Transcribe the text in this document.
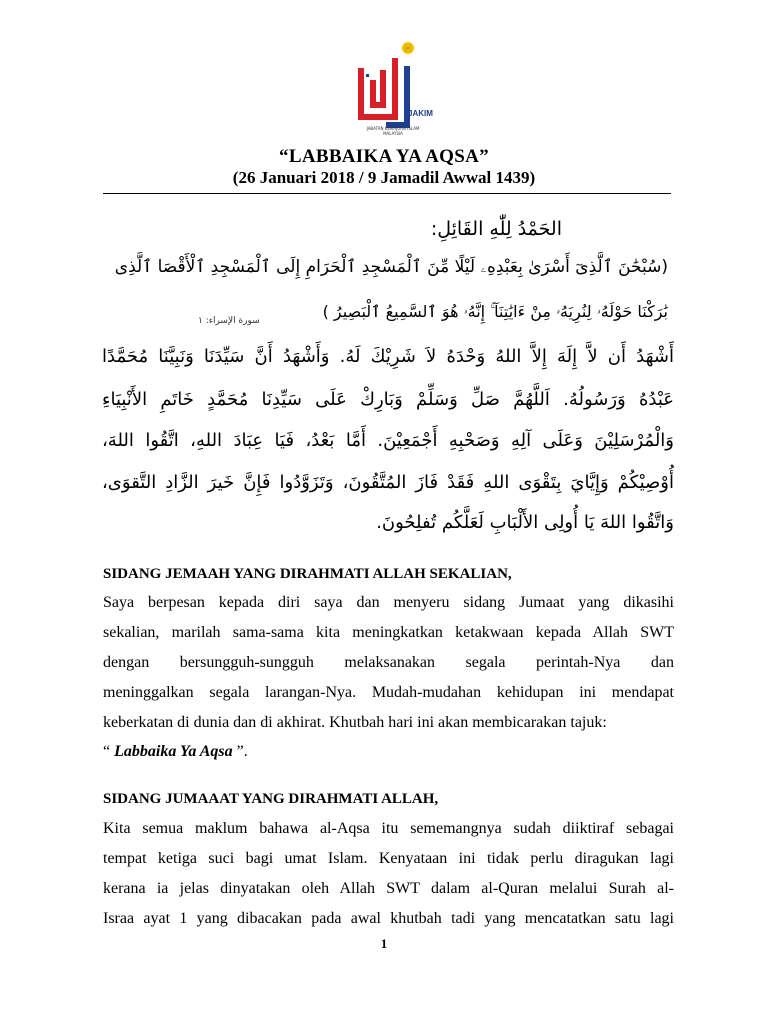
JAKIM
JABATAN KEMAJUAN ISLAM MALAYSIA
“LABBAIKA YA AQSA”
(26 Januari 2018 / 9 Jamadil Awwal 1439)
الحَمْدُ لِلّٰهِ القَائِلِ:
(سُبْحَٰنَ ٱلَّذِىٓ أَسْرَىٰ بِعَبْدِهِۦ لَيْلًا مِّنَ ٱلْمَسْجِدِ ٱلْحَرَامِ إِلَى ٱلْمَسْجِدِ ٱلْأَقْصَا ٱلَّذِى
بَٰرَكْنَا حَوْلَهُۥ لِنُرِيَهُۥ مِنْ ءَايَٰتِنَآ ۚ إِنَّهُۥ هُوَ ٱلسَّمِيعُ ٱلْبَصِيرُ )
سورة الإسراء: ١
أَشْهَدُ أَن لاَّ إِلَهَ إِلاَّ اللهُ وَحْدَهُ لاَ شَرِيْكَ لَهُ. وَأَشْهَدُ أَنَّ سَيِّدَنَا وَنَبِيَّنَا مُحَمَّدًا
عَبْدُهُ وَرَسُولُهُ. اَللَّهُمَّ صَلِّ وَسَلِّمْ وَبَارِكْ عَلَى سَيِّدِنَا مُحَمَّدٍ خَاتَمِ الأَنْبِيَاءِ
وَالْمُرْسَلِيْنَ وَعَلَى آلِهِ وَصَحْبِهِ أَجْمَعِيْنَ. أَمَّا بَعْدُ، فَيَا عِبَادَ اللهِ، اتَّقُوا اللهَ،
أُوْصِيْكُمْ وَإِيَّايَ بِتَقْوَى اللهِ فَقَدْ فَازَ المُتَّقُونَ، وَتَزَوَّدُوا فَإِنَّ خَيرَ الزَّادِ التَّقوَى،
وَاتَّقُوا اللهَ يَا أُولِى الأَلْبَابِ لَعَلَّكُم تُفلِحُونَ.
SIDANG JEMAAH YANG DIRAHMATI ALLAH SEKALIAN,
Saya berpesan kepada diri saya dan menyeru sidang Jumaat yang dikasihi
sekalian, marilah sama-sama kita meningkatkan ketakwaan kepada Allah SWT
dengan bersungguh-sungguh melaksanakan segala perintah-Nya dan
meninggalkan segala larangan-Nya. Mudah-mudahan kehidupan ini mendapat
keberkatan di dunia dan di akhirat. Khutbah hari ini akan membicarakan tajuk:
“ Labbaika Ya Aqsa ”.
SIDANG JUMAAAT YANG DIRAHMATI ALLAH,
Kita semua maklum bahawa al-Aqsa itu sememangnya sudah diiktiraf sebagai
tempat ketiga suci bagi umat Islam. Kenyataan ini tidak perlu diragukan lagi
kerana ia jelas dinyatakan oleh Allah SWT dalam al-Quran melalui Surah al-
Israa ayat 1 yang dibacakan pada awal khutbah tadi yang mencatatkan satu lagi
1
